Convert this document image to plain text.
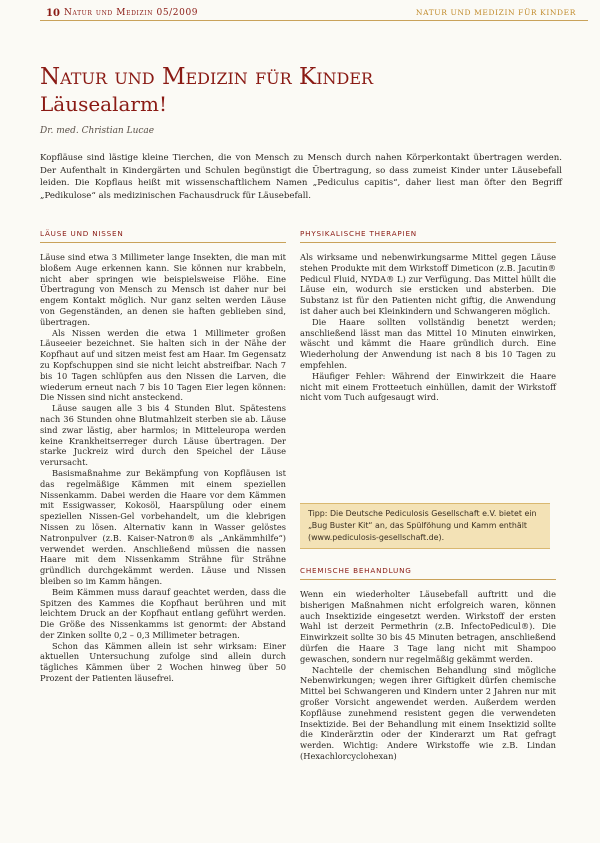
10 Natur und Medizin 05/2009	NATUR UND MEDIZIN FÜR KINDER
Natur und Medizin für Kinder
Läusealarm!
Dr. med. Christian Lucae
Kopfläuse sind lästige kleine Tierchen, die von Mensch zu Mensch durch nahen Körperkontakt übertragen werden. Der Aufenthalt in Kindergärten und Schulen begünstigt die Übertragung, so dass zumeist Kinder unter Läusebefall leiden. Die Kopflaus heißt mit wissenschaftlichem Namen „Pediculus capitis“, daher liest man öfter den Begriff „Pedikulose“ als medizinischen Fachausdruck für Läusebefall.
LÄUSE UND NISSEN

Läuse sind etwa 3 Millimeter lange Insekten, die man mit bloßem Auge erkennen kann. Sie können nur krabbeln, nicht aber springen wie beispielsweise Flöhe. Eine Übertragung von Mensch zu Mensch ist daher nur bei engem Kontakt möglich. Nur ganz selten werden Läuse von Gegenständen, an denen sie haften geblieben sind, übertragen.

Als Nissen werden die etwa 1 Millimeter großen Läuseeier bezeichnet. Sie halten sich in der Nähe der Kopfhaut auf und sitzen meist fest am Haar. Im Gegensatz zu Kopfschuppen sind sie nicht leicht abstreifbar. Nach 7 bis 10 Tagen schlüpfen aus den Nissen die Larven, die wiederum erneut nach 7 bis 10 Tagen Eier legen können: Die Nissen sind nicht ansteckend.

Läuse saugen alle 3 bis 4 Stunden Blut. Spätestens nach 36 Stunden ohne Blutmahlzeit sterben sie ab. Läuse sind zwar lästig, aber harmlos; in Mitteleuropa werden keine Krankheitserreger durch Läuse übertragen. Der starke Juckreiz wird durch den Speichel der Läuse verursacht.

Basismaßnahme zur Bekämpfung von Kopfläusen ist das regelmäßige Kämmen mit einem speziellen Nissenkamm. Dabei werden die Haare vor dem Kämmen mit Essigwasser, Kokosöl, Haarspülung oder einem speziellen Nissen-Gel vorbehandelt, um die klebrigen Nissen zu lösen. Alternativ kann in Wasser gelöstes Natronpulver (z.B. Kaiser-Natron® als „Ankämmhilfe“) verwendet werden. Anschließend müssen die nassen Haare mit dem Nissenkamm Strähne für Strähne gründlich durchgekämmt werden. Läuse und Nissen bleiben so im Kamm hängen.

Beim Kämmen muss darauf geachtet werden, dass die Spitzen des Kammes die Kopfhaut berühren und mit leichtem Druck an der Kopfhaut entlang geführt werden. Die Größe des Nissenkamms ist genormt: der Abstand der Zinken sollte 0,2 – 0,3 Millimeter betragen.

Schon das Kämmen allein ist sehr wirksam: Einer aktuellen Untersuchung zufolge sind allein durch tägliches Kämmen über 2 Wochen hinweg über 50 Prozent der Patienten läusefrei.

PHYSIKALISCHE THERAPIEN

Als wirksame und nebenwirkungsarme Mittel gegen Läuse stehen Produkte mit dem Wirkstoff Dimeticon (z.B. Jacutin® Pedicul Fluid, NYDA® L) zur Verfügung. Das Mittel hüllt die Läuse ein, wodurch sie ersticken und absterben. Die Substanz ist für den Patienten nicht giftig, die Anwendung ist daher auch bei Kleinkindern und Schwangeren möglich.

Die Haare sollten vollständig benetzt werden; anschließend lässt man das Mittel 10 Minuten einwirken, wäscht und kämmt die Haare gründlich durch. Eine Wiederholung der Anwendung ist nach 8 bis 10 Tagen zu empfehlen.

Häufiger Fehler: Während der Einwirkzeit die Haare nicht mit einem Frotteetuch einhüllen, damit der Wirkstoff nicht vom Tuch aufgesaugt wird.

Tipp: Die Deutsche Pediculosis Gesellschaft e.V. bietet ein „Bug Buster Kit“ an, das Spülföhung und Kamm enthält (www.pediculosis-gesellschaft.de).
CHEMISCHE BEHANDLUNG

Wenn ein wiederholter Läusebefall auftritt und die bisherigen Maßnahmen nicht erfolgreich waren, können auch Insektizide eingesetzt werden. Wirkstoff der ersten Wahl ist derzeit Permethrin (z.B. InfectoPedicul®). Die Einwirkzeit sollte 30 bis 45 Minuten betragen, anschließend dürfen die Haare 3 Tage lang nicht mit Shampoo gewaschen, sondern nur regelmäßig gekämmt werden.

Nachteile der chemischen Behandlung sind mögliche Nebenwirkungen; wegen ihrer Giftigkeit dürfen chemische Mittel bei Schwangeren und Kindern unter 2 Jahren nur mit großer Vorsicht angewendet werden. Außerdem werden Kopfläuse zunehmend resistent gegen die verwendeten Insektizide. Bei der Behandlung mit einem Insektizid sollte die Kinderärztin oder der Kinderarzt um Rat gefragt werden. Wichtig: Andere Wirkstoffe wie z.B. Lindan (Hexachlorcyclohexan)
